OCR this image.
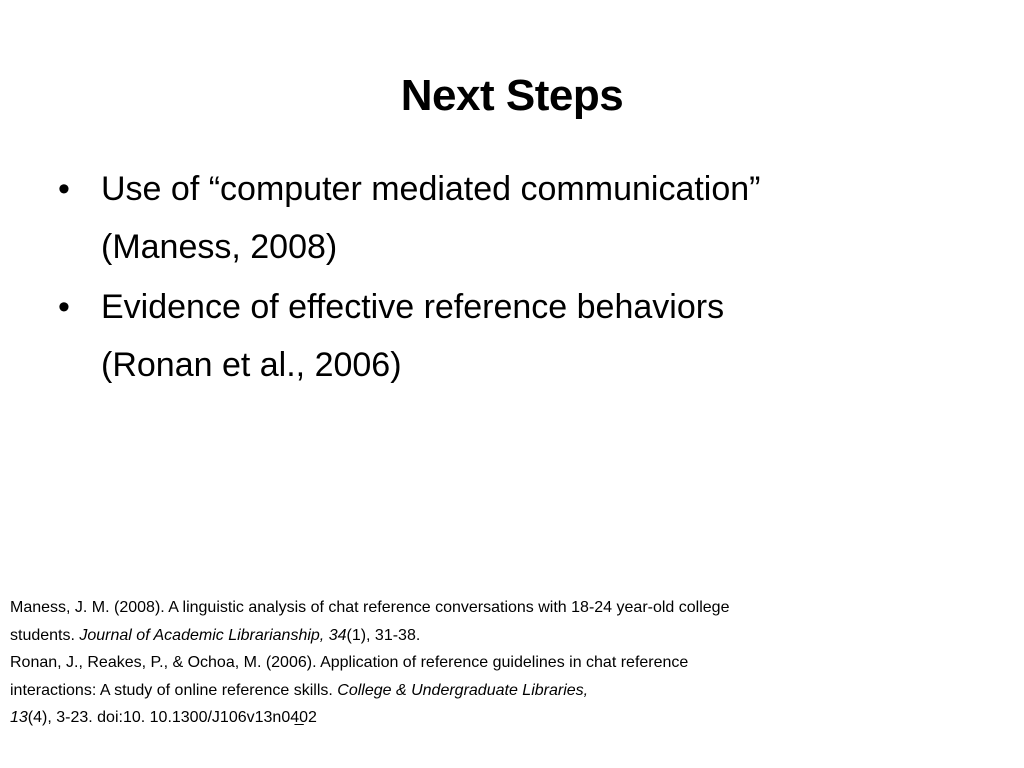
Next Steps
• Use of “computer mediated communication”
(Maness, 2008)
• Evidence of effective reference behaviors
(Ronan et al., 2006)
Maness, J. M. (2008). A linguistic analysis of chat reference conversations with 18-24 year-old college
students. Journal of Academic Librarianship, 34(1), 31-38.
Ronan, J., Reakes, P., & Ochoa, M. (2006). Application of reference guidelines in chat reference
interactions: A study of online reference skills. College & Undergraduate Libraries,
13(4), 3-23. doi:10. 10.1300/J106v13n04̲02
